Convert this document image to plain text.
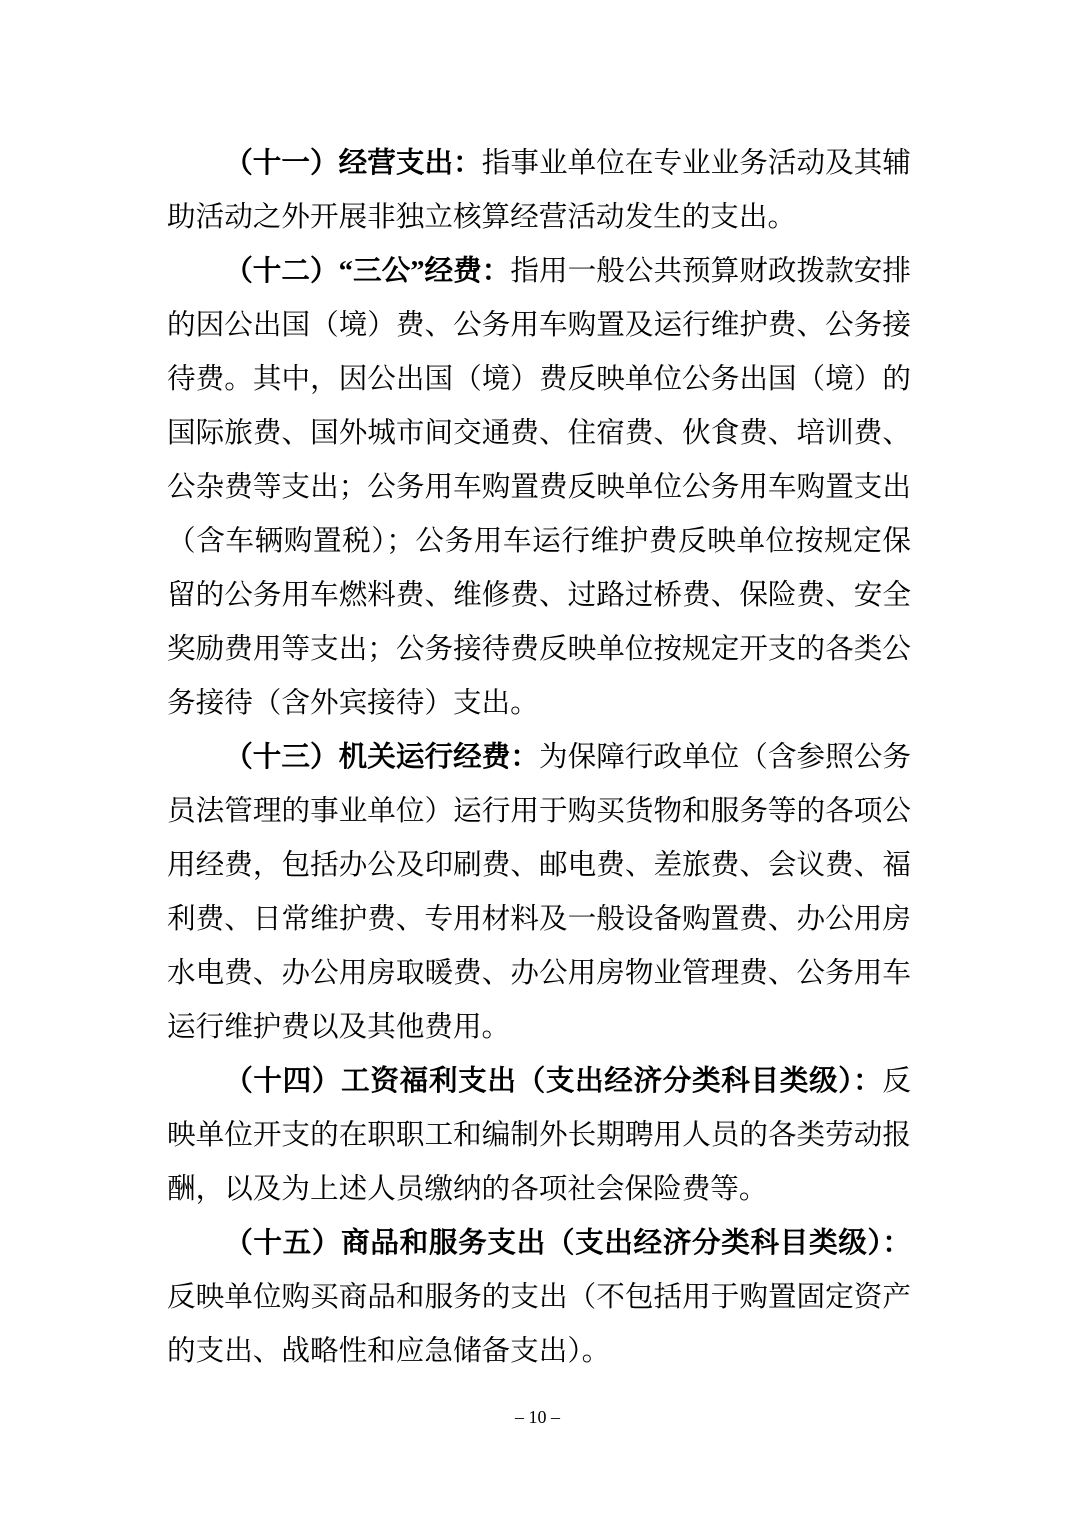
（十一）经营支出：指事业单位在专业业务活动及其辅助活动之外开展非独立核算经营活动发生的支出。

（十二）“三公”经费：指用一般公共预算财政拨款安排的因公出国（境）费、公务用车购置及运行维护费、公务接待费。其中，因公出国（境）费反映单位公务出国（境）的国际旅费、国外城市间交通费、住宿费、伙食费、培训费、公杂费等支出；公务用车购置费反映单位公务用车购置支出（含车辆购置税）；公务用车运行维护费反映单位按规定保留的公务用车燃料费、维修费、过路过桥费、保险费、安全奖励费用等支出；公务接待费反映单位按规定开支的各类公务接待（含外宾接待）支出。

（十三）机关运行经费：为保障行政单位（含参照公务员法管理的事业单位）运行用于购买货物和服务等的各项公用经费，包括办公及印刷费、邮电费、差旅费、会议费、福利费、日常维护费、专用材料及一般设备购置费、办公用房水电费、办公用房取暖费、办公用房物业管理费、公务用车运行维护费以及其他费用。

（十四）工资福利支出（支出经济分类科目类级）：反映单位开支的在职职工和编制外长期聘用人员的各类劳动报酬，以及为上述人员缴纳的各项社会保险费等。

（十五）商品和服务支出（支出经济分类科目类级）：反映单位购买商品和服务的支出（不包括用于购置固定资产的支出、战略性和应急储备支出）。

– 10 –
